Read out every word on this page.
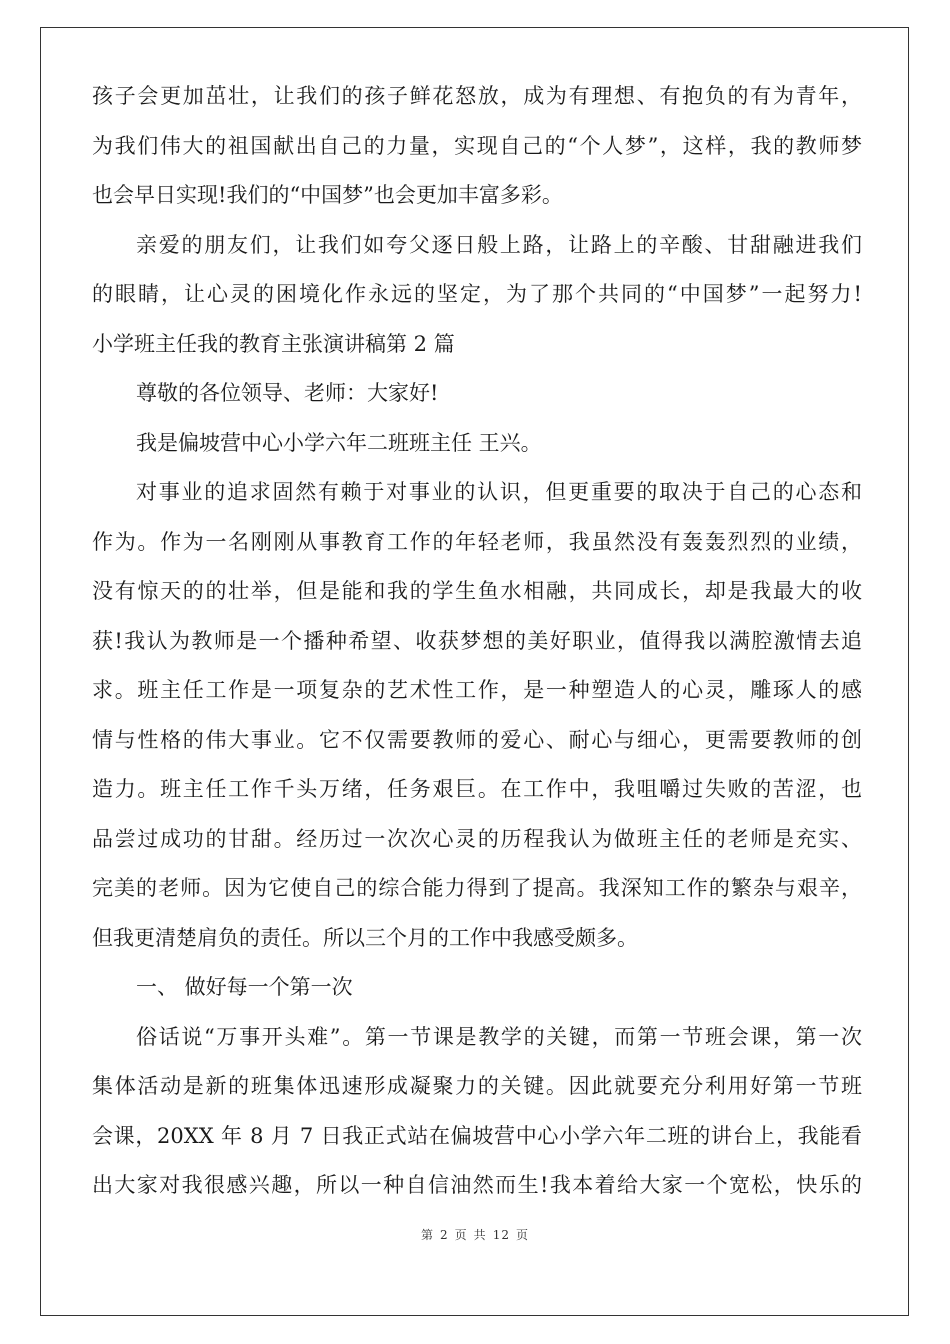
孩子会更加茁壮，让我们的孩子鲜花怒放，成为有理想、有抱负的有为青年，
为我们伟大的祖国献出自己的力量，实现自己的“个人梦”，这样，我的教师梦
也会早日实现!我们的“中国梦”也会更加丰富多彩。
亲爱的朋友们，让我们如夸父逐日般上路，让路上的辛酸、甘甜融进我们
的眼睛，让心灵的困境化作永远的坚定，为了那个共同的“中国梦”一起努力!
小学班主任我的教育主张演讲稿第 2 篇
尊敬的各位领导、老师：大家好!
我是偏坡营中心小学六年二班班主任 王兴。
对事业的追求固然有赖于对事业的认识，但更重要的取决于自己的心态和
作为。作为一名刚刚从事教育工作的年轻老师，我虽然没有轰轰烈烈的业绩，
没有惊天的的壮举，但是能和我的学生鱼水相融，共同成长，却是我最大的收
获!我认为教师是一个播种希望、收获梦想的美好职业，值得我以满腔激情去追
求。班主任工作是一项复杂的艺术性工作，是一种塑造人的心灵，雕琢人的感
情与性格的伟大事业。它不仅需要教师的爱心、耐心与细心，更需要教师的创
造力。班主任工作千头万绪，任务艰巨。在工作中，我咀嚼过失败的苦涩，也
品尝过成功的甘甜。经历过一次次心灵的历程我认为做班主任的老师是充实、
完美的老师。因为它使自己的综合能力得到了提高。我深知工作的繁杂与艰辛，
但我更清楚肩负的责任。所以三个月的工作中我感受颇多。
一、 做好每一个第一次
俗话说“万事开头难”。第一节课是教学的关键，而第一节班会课，第一次
集体活动是新的班集体迅速形成凝聚力的关键。因此就要充分利用好第一节班
会课，20XX 年 8 月 7 日我正式站在偏坡营中心小学六年二班的讲台上，我能看
出大家对我很感兴趣，所以一种自信油然而生!我本着给大家一个宽松，快乐的
第 2 页 共 12 页
